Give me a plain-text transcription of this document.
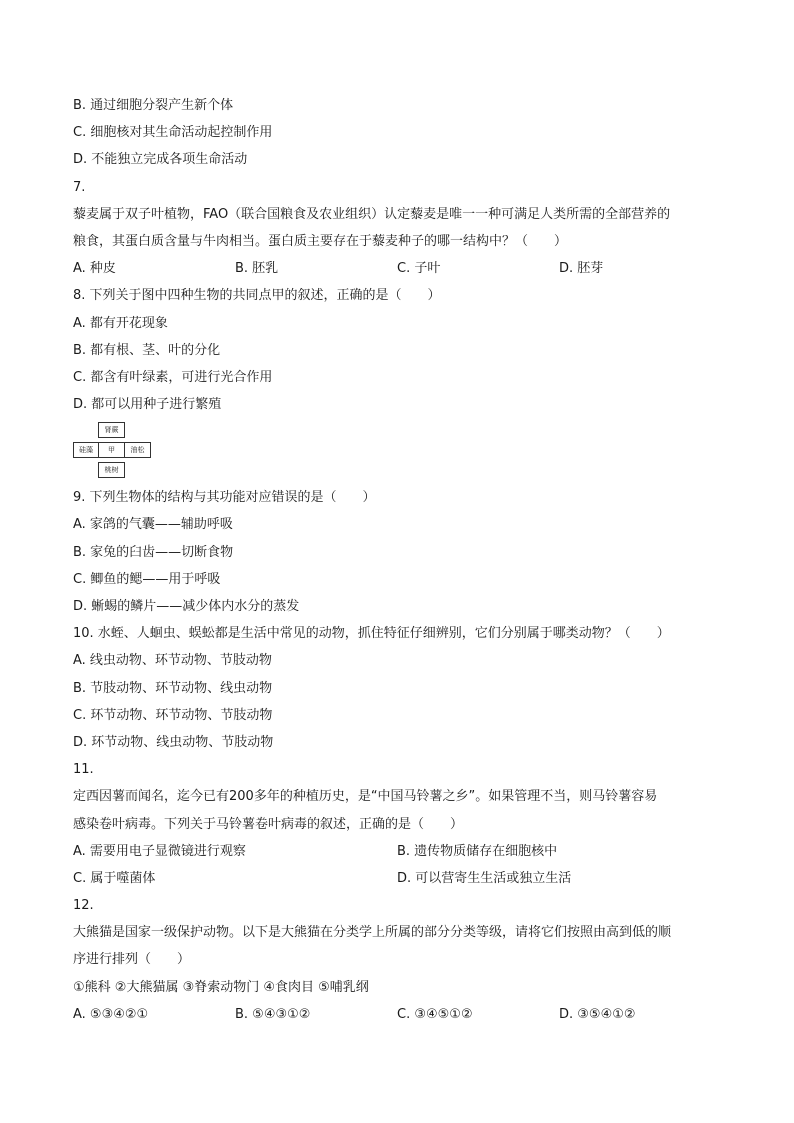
B. 通过细胞分裂产生新个体
C. 细胞核对其生命活动起控制作用
D. 不能独立完成各项生命活动
7.
藜麦属于双子叶植物，FAO（联合国粮食及农业组织）认定藜麦是唯一一种可满足人类所需的全部营养的
粮食，其蛋白质含量与牛肉相当。蛋白质主要存在于藜麦种子的哪一结构中？（　　）
A. 种皮	B. 胚乳	C. 子叶	D. 胚芽
8. 下列关于图中四种生物的共同点甲的叙述，正确的是（　　）
A. 都有开花现象
B. 都有根、茎、叶的分化
C. 都含有叶绿素，可进行光合作用
D. 都可以用种子进行繁殖
肾蕨
硅藻	甲	油松
桃树
9. 下列生物体的结构与其功能对应错误的是（　　）
A. 家鸽的气囊——辅助呼吸
B. 家兔的臼齿——切断食物
C. 鲫鱼的鳃——用于呼吸
D. 蜥蜴的鳞片——减少体内水分的蒸发
10. 水蛭、人蛔虫、蜈蚣都是生活中常见的动物，抓住特征仔细辨别，它们分别属于哪类动物？（　　）
A. 线虫动物、环节动物、节肢动物
B. 节肢动物、环节动物、线虫动物
C. 环节动物、环节动物、节肢动物
D. 环节动物、线虫动物、节肢动物
11.
定西因薯而闻名，迄今已有200多年的种植历史，是“中国马铃薯之乡”。如果管理不当，则马铃薯容易
感染卷叶病毒。下列关于马铃薯卷叶病毒的叙述，正确的是（　　）
A. 需要用电子显微镜进行观察	B. 遗传物质储存在细胞核中
C. 属于噬菌体	D. 可以营寄生生活或独立生活
12.
大熊猫是国家一级保护动物。以下是大熊猫在分类学上所属的部分分类等级，请将它们按照由高到低的顺
序进行排列（　　）
①熊科 ②大熊猫属 ③脊索动物门 ④食肉目 ⑤哺乳纲
A. ⑤③④②①	B. ⑤④③①②	C. ③④⑤①②	D. ③⑤④①②
